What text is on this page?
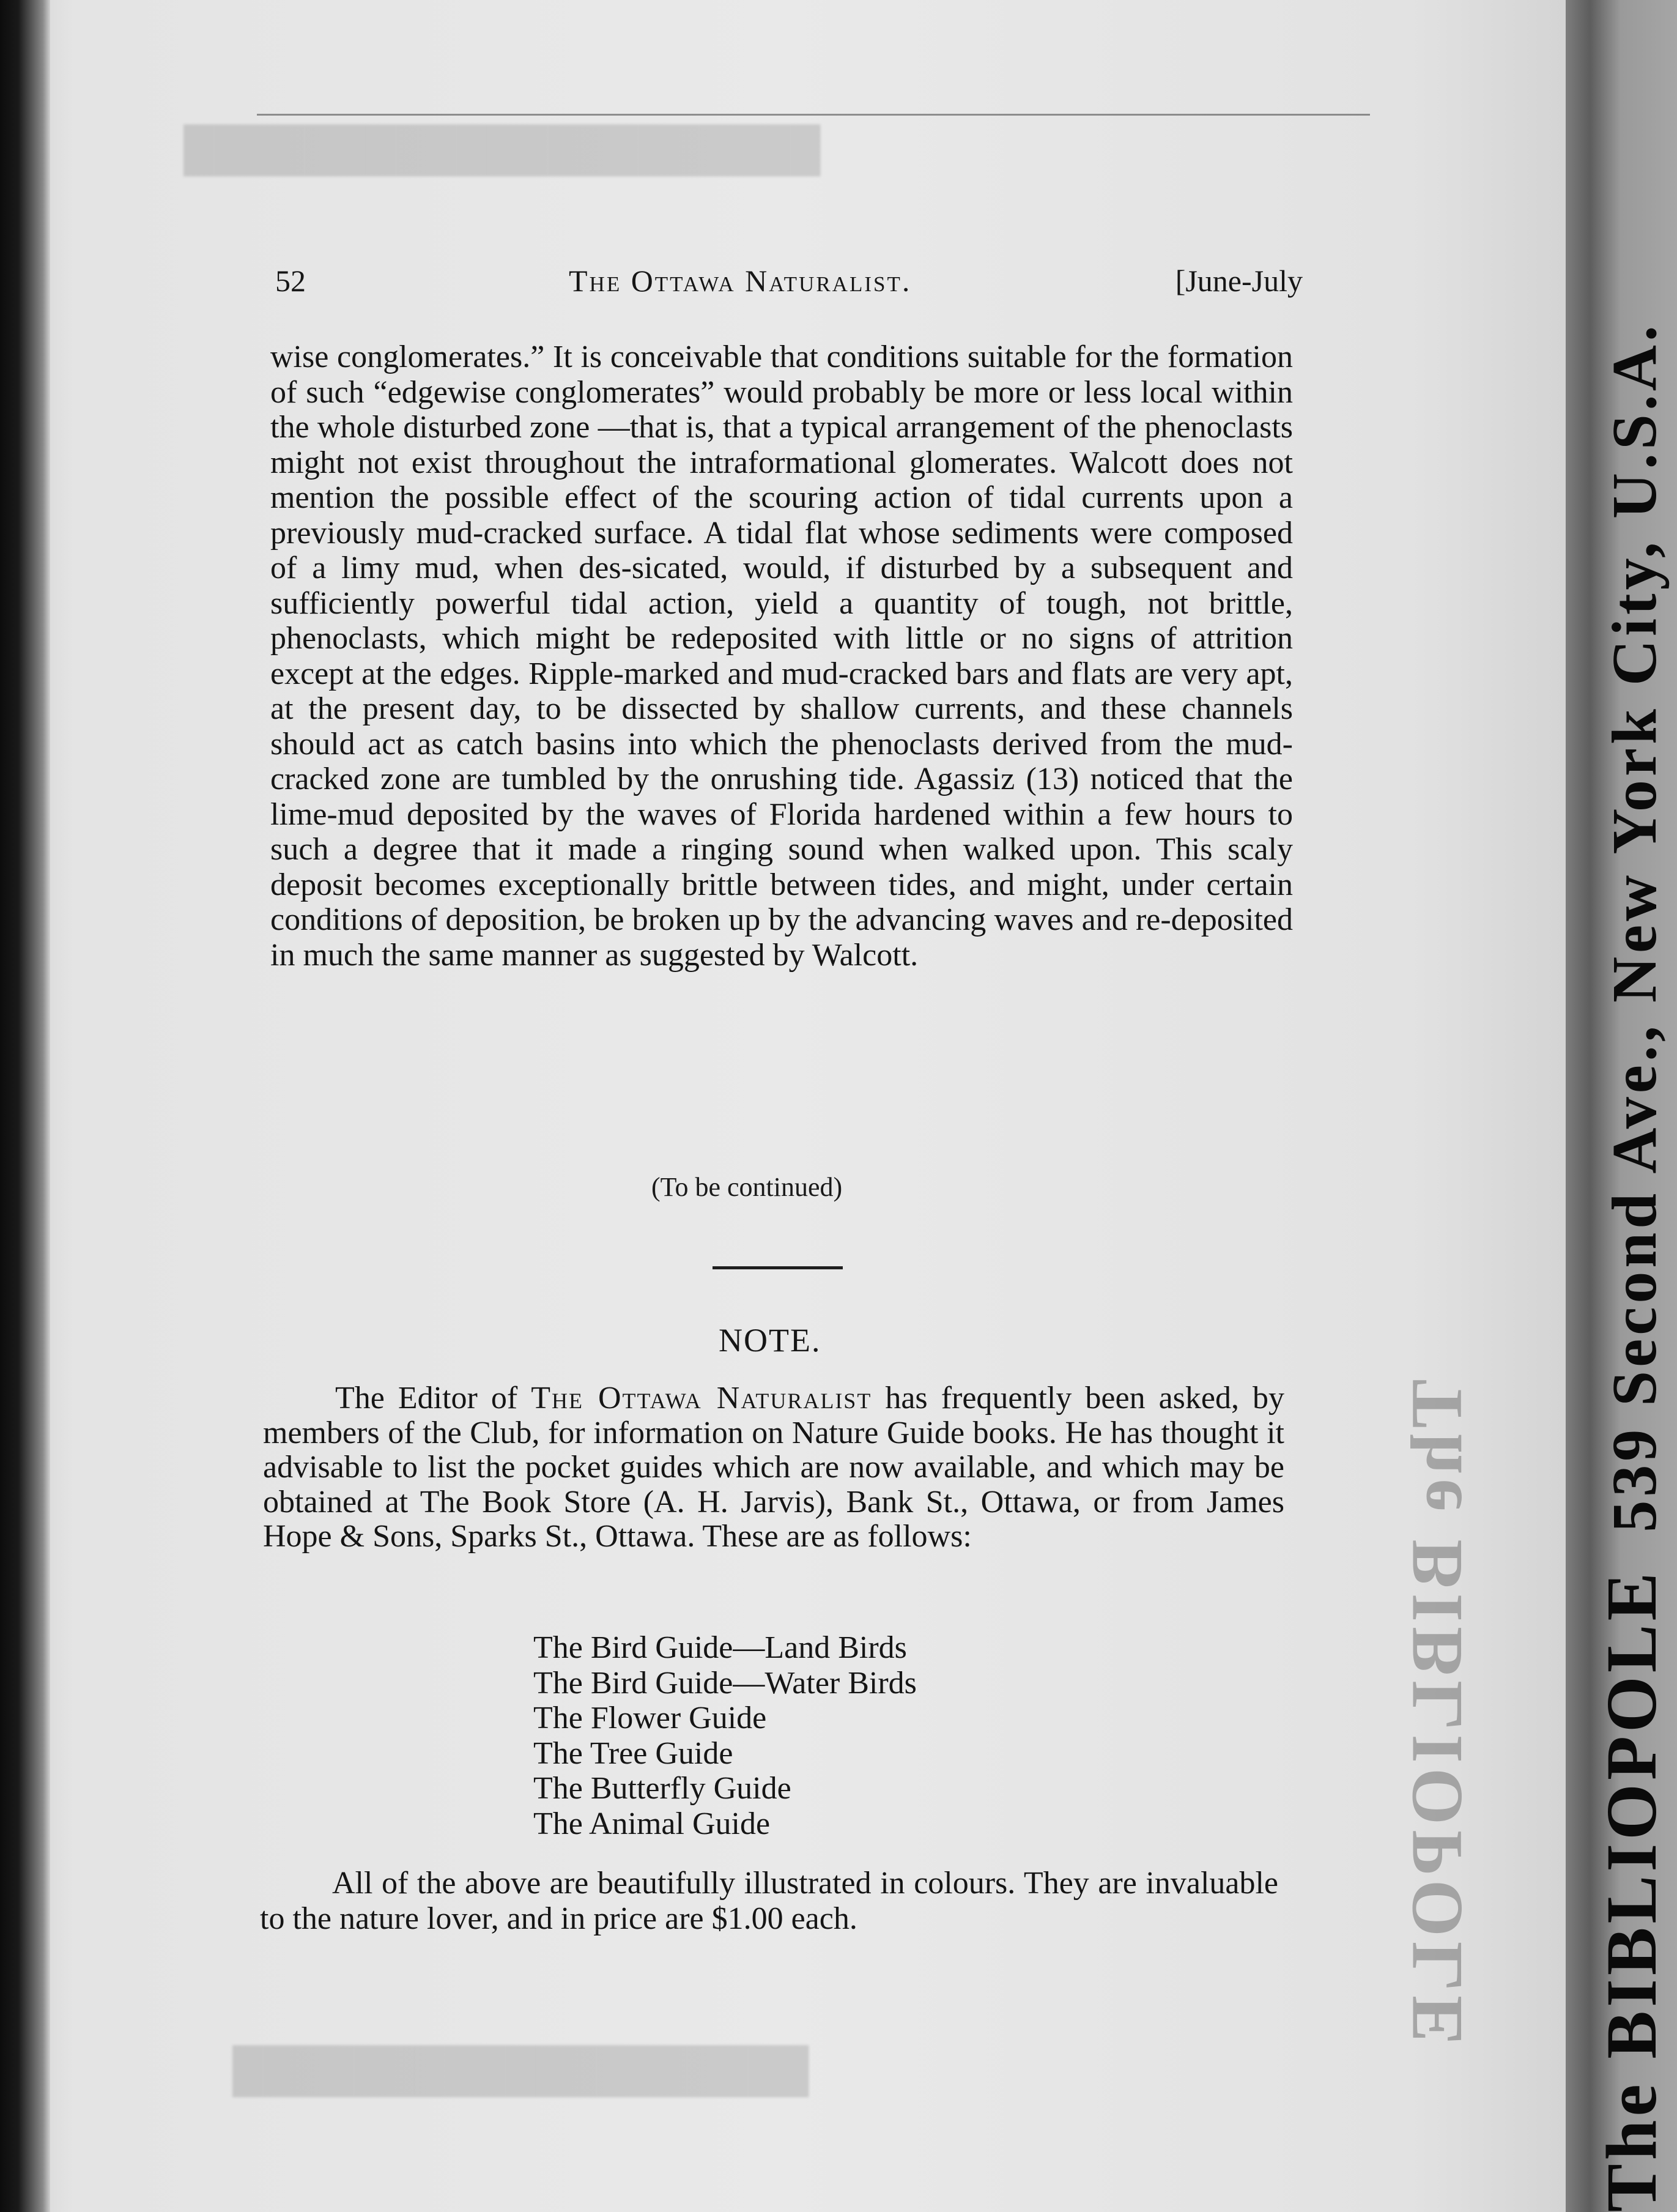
█████████████████████
███████████████████
52	The Ottawa Naturalist.	[June-July

wise conglomerates.” It is conceivable that conditions suitable for the formation of such “edgewise conglomerates” would probably be more or less local within the whole disturbed zone —that is, that a typical arrangement of the phenoclasts might not exist throughout the intraformational glomerates. Walcott does not mention the possible effect of the scouring action of tidal currents upon a previously mud-cracked surface. A tidal flat whose sediments were composed of a limy mud, when des-sicated, would, if disturbed by a subsequent and sufficiently powerful tidal action, yield a quantity of tough, not brittle, phenoclasts, which might be redeposited with little or no signs of attrition except at the edges. Ripple-marked and mud-cracked bars and flats are very apt, at the present day, to be dissected by shallow currents, and these channels should act as catch basins into which the phenoclasts derived from the mud-cracked zone are tumbled by the onrushing tide. Agassiz (13) noticed that the lime-mud deposited by the waves of Florida hardened within a few hours to such a degree that it made a ringing sound when walked upon. This scaly deposit becomes exceptionally brittle between tides, and might, under certain conditions of deposition, be broken up by the advancing waves and re-deposited in much the same manner as suggested by Walcott.

(To be continued)
NOTE.

The Editor of The Ottawa Naturalist has frequently been asked, by members of the Club, for information on Nature Guide books. He has thought it advisable to list the pocket guides which are now available, and which may be obtained at The Book Store (A. H. Jarvis), Bank St., Ottawa, or from James Hope & Sons, Sparks St., Ottawa. These are as follows:

The Bird Guide—Land Birds
The Bird Guide—Water Birds
The Flower Guide
The Tree Guide
The Butterfly Guide
The Animal Guide

All of the above are beautifully illustrated in colours. They are invaluable to the nature lover, and in price are $1.00 each.	The BIBLIOPOLE The BIBLIOPOLE539 Second Ave., New York City, U.S.A.
